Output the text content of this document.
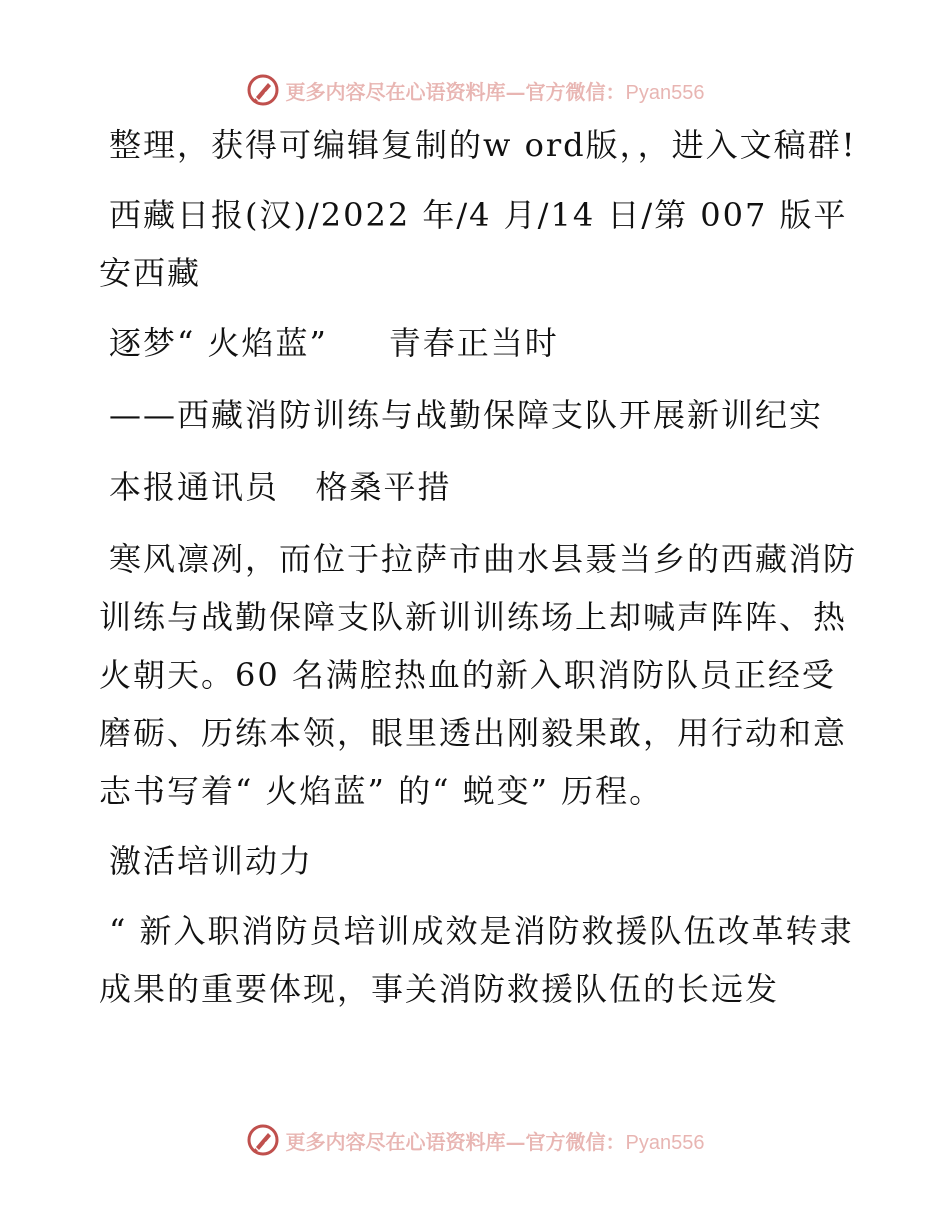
更多内容尽在心语资料库—官方微信：Pyan556

整理，获得可编辑复制的w ord版，，进入文稿群!

西藏日报(汉)/2022 年/4 月/14 日/第 007 版平安西藏

逐梦“ 火焰蓝”     青春正当时

——西藏消防训练与战勤保障支队开展新训纪实

本报通讯员   格桑平措

寒风凛冽，而位于拉萨市曲水县聂当乡的西藏消防训练与战勤保障支队新训训练场上却喊声阵阵、热火朝天。60 名满腔热血的新入职消防队员正经受磨砺、历练本领，眼里透出刚毅果敢，用行动和意志书写着“ 火焰蓝” 的“ 蜕变” 历程。

激活培训动力

“ 新入职消防员培训成效是消防救援队伍改革转隶成果的重要体现，事关消防救援队伍的长远发

更多内容尽在心语资料库—官方微信：Pyan556
